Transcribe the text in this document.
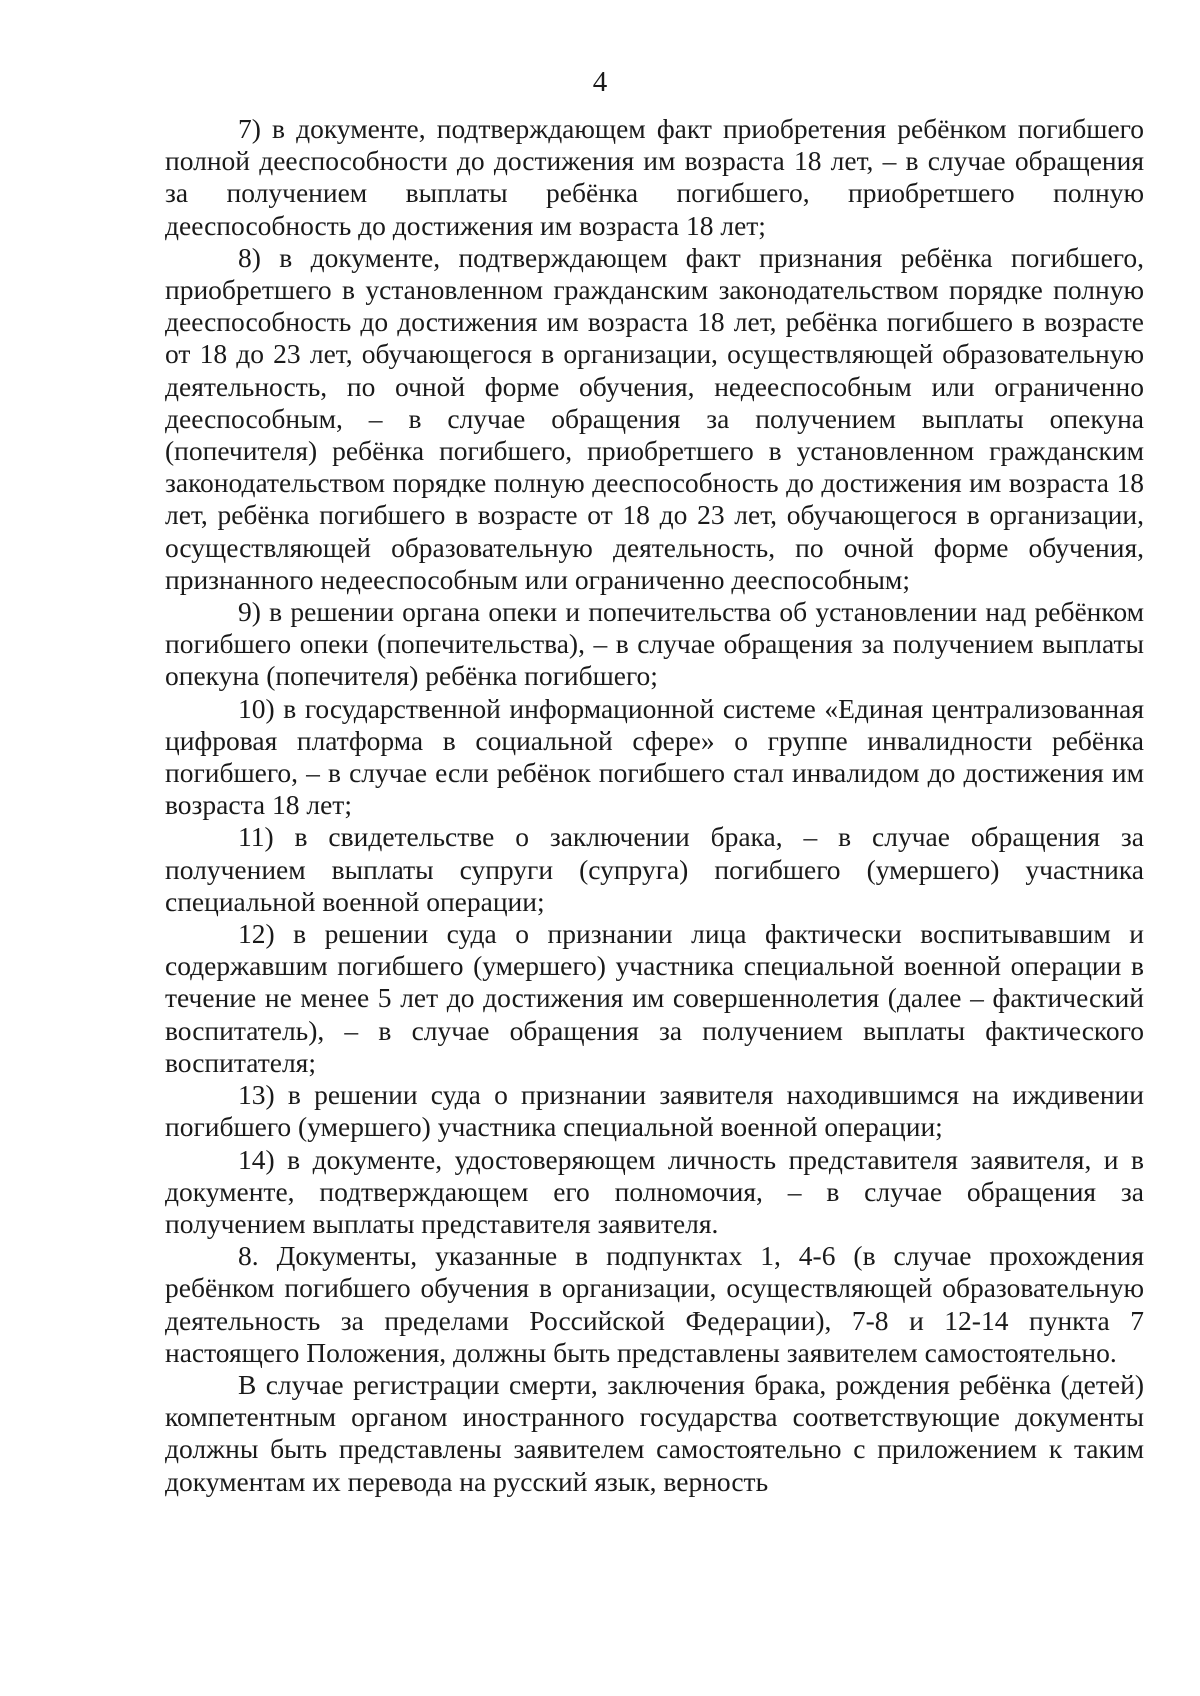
4

7) в документе, подтверждающем факт приобретения ребёнком погибшего полной дееспособности до достижения им возраста 18 лет, – в случае обращения за получением выплаты ребёнка погибшего, приобретшего полную дееспособность до достижения им возраста 18 лет;

8) в документе, подтверждающем факт признания ребёнка погибшего, приобретшего в установленном гражданским законодательством порядке полную дееспособность до достижения им возраста 18 лет, ребёнка погибшего в возрасте от 18 до 23 лет, обучающегося в организации, осуществляющей образовательную деятельность, по очной форме обучения, недееспособным или ограниченно дееспособным, – в случае обращения за получением выплаты опекуна (попечителя) ребёнка погибшего, приобретшего в установленном гражданским законодательством порядке полную дееспособность до достижения им возраста 18 лет, ребёнка погибшего в возрасте от 18 до 23 лет, обучающегося в организации, осуществляющей образовательную деятельность, по очной форме обучения, признанного недееспособным или ограниченно дееспособным;

9) в решении органа опеки и попечительства об установлении над ребёнком погибшего опеки (попечительства), – в случае обращения за получением выплаты опекуна (попечителя) ребёнка погибшего;

10) в государственной информационной системе «Единая централизованная цифровая платформа в социальной сфере» о группе инвалидности ребёнка погибшего, – в случае если ребёнок погибшего стал инвалидом до достижения им возраста 18 лет;

11) в свидетельстве о заключении брака, – в случае обращения за получением выплаты супруги (супруга) погибшего (умершего) участника специальной военной операции;

12) в решении суда о признании лица фактически воспитывавшим и содержавшим погибшего (умершего) участника специальной военной операции в течение не менее 5 лет до достижения им совершеннолетия (далее – фактический воспитатель), – в случае обращения за получением выплаты фактического воспитателя;

13) в решении суда о признании заявителя находившимся на иждивении погибшего (умершего) участника специальной военной операции;

14) в документе, удостоверяющем личность представителя заявителя, и в документе, подтверждающем его полномочия, – в случае обращения за получением выплаты представителя заявителя.

8. Документы, указанные в подпунктах 1, 4-6 (в случае прохождения ребёнком погибшего обучения в организации, осуществляющей образовательную деятельность за пределами Российской Федерации), 7-8 и 12-14 пункта 7 настоящего Положения, должны быть представлены заявителем самостоятельно.

В случае регистрации смерти, заключения брака, рождения ребёнка (детей) компетентным органом иностранного государства соответствующие документы должны быть представлены заявителем самостоятельно с приложением к таким документам их перевода на русский язык, верность
